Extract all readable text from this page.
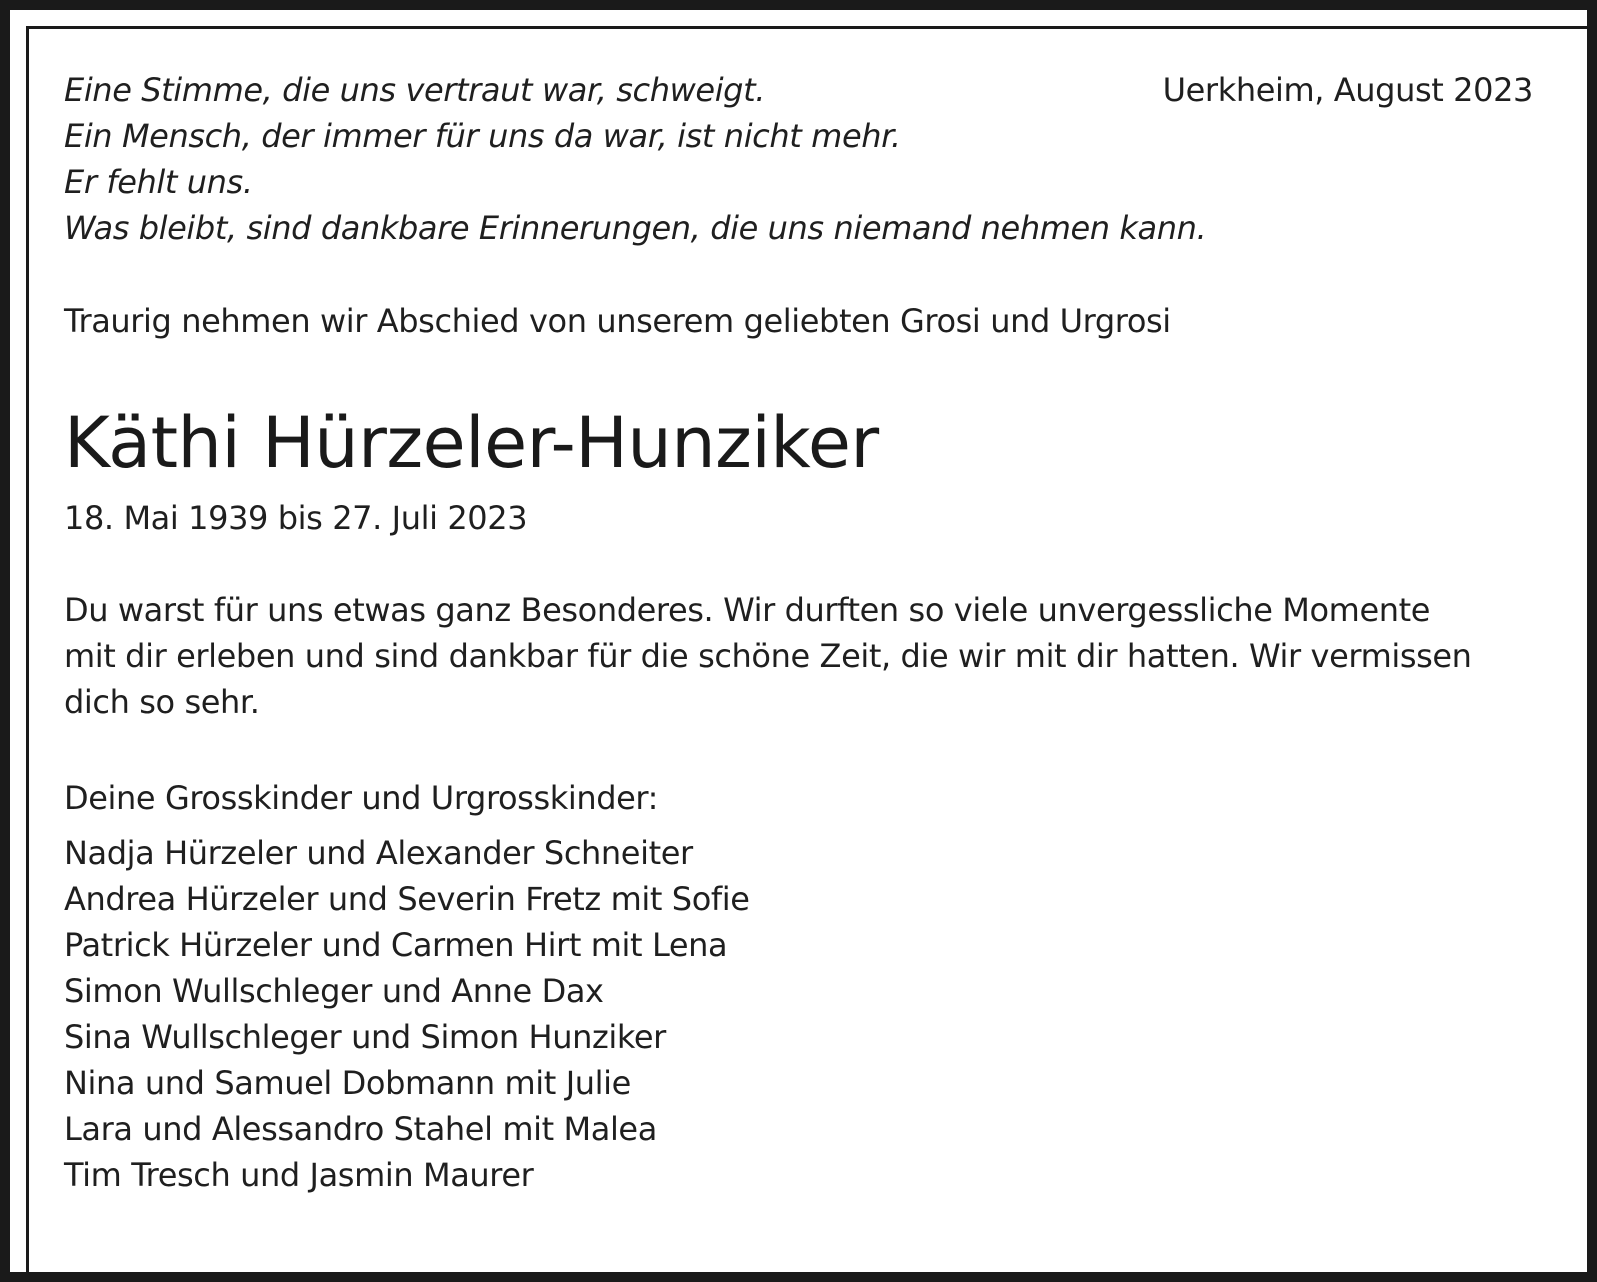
Uerkheim, August 2023
Eine Stimme, die uns vertraut war, schweigt.
Ein Mensch, der immer für uns da war, ist nicht mehr.
Er fehlt uns.
Was bleibt, sind dankbare Erinnerungen, die uns niemand nehmen kann.
Traurig nehmen wir Abschied von unserem geliebten Grosi und Urgrosi
Käthi Hürzeler-Hunziker
18. Mai 1939 bis 27. Juli 2023
Du warst für uns etwas ganz Besonderes. Wir durften so viele unvergessliche Momente
mit dir erleben und sind dankbar für die schöne Zeit, die wir mit dir hatten. Wir vermissen
dich so sehr.
Deine Grosskinder und Urgrosskinder:
Nadja Hürzeler und Alexander Schneiter
Andrea Hürzeler und Severin Fretz mit Sofie
Patrick Hürzeler und Carmen Hirt mit Lena
Simon Wullschleger und Anne Dax
Sina Wullschleger und Simon Hunziker
Nina und Samuel Dobmann mit Julie
Lara und Alessandro Stahel mit Malea
Tim Tresch und Jasmin Maurer
